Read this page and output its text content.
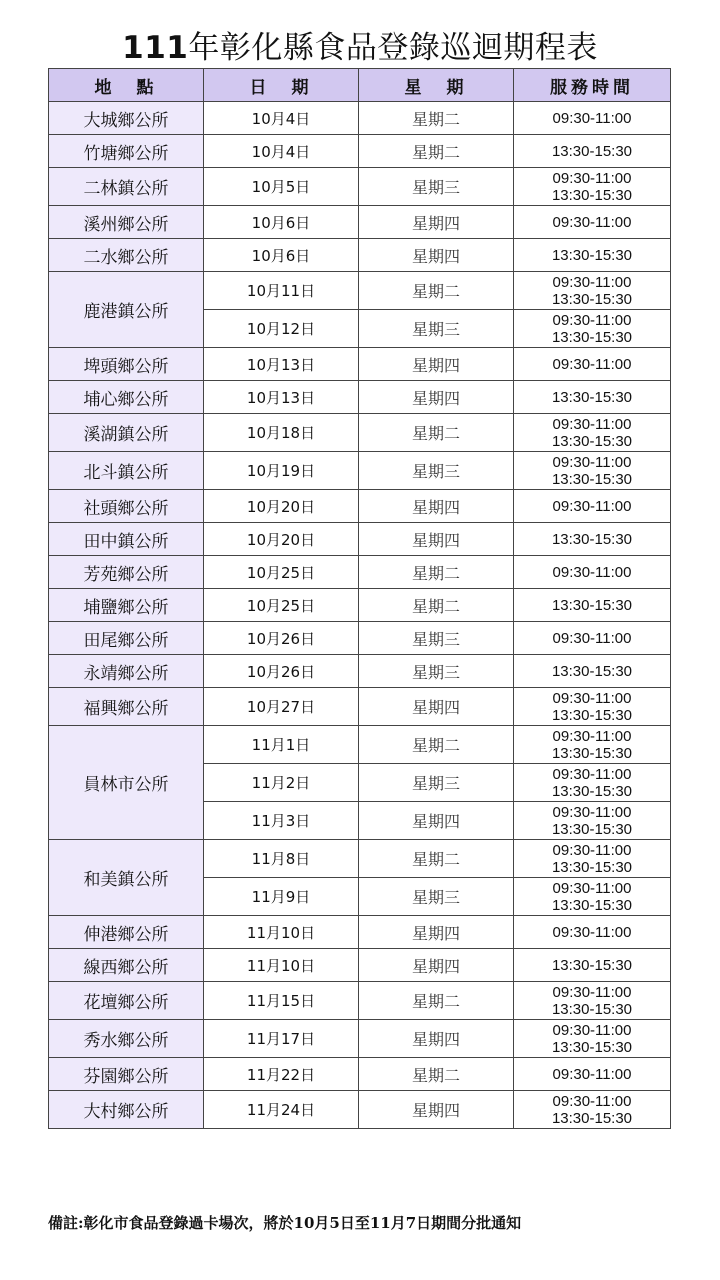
111年彰化縣食品登錄巡迴期程表
地　點	日　期	星　期	服務時間
大城鄉公所	10月4日	星期二	09:30-11:00

竹塘鄉公所	10月4日	星期二	13:30-15:30

二林鎮公所	10月5日	星期三	09:30-11:00
13:30-15:30

溪州鄉公所	10月6日	星期四	09:30-11:00

二水鄉公所	10月6日	星期四	13:30-15:30

鹿港鎮公所	10月11日	星期二	09:30-11:00
13:30-15:30

	10月12日	星期三	09:30-11:00
13:30-15:30

埤頭鄉公所	10月13日	星期四	09:30-11:00

埔心鄉公所	10月13日	星期四	13:30-15:30

溪湖鎮公所	10月18日	星期二	09:30-11:00
13:30-15:30

北斗鎮公所	10月19日	星期三	09:30-11:00
13:30-15:30

社頭鄉公所	10月20日	星期四	09:30-11:00

田中鎮公所	10月20日	星期四	13:30-15:30

芳苑鄉公所	10月25日	星期二	09:30-11:00

埔鹽鄉公所	10月25日	星期二	13:30-15:30

田尾鄉公所	10月26日	星期三	09:30-11:00

永靖鄉公所	10月26日	星期三	13:30-15:30

福興鄉公所	10月27日	星期四	09:30-11:00
13:30-15:30

員林市公所	11月1日	星期二	09:30-11:00
13:30-15:30

	11月2日	星期三	09:30-11:00
13:30-15:30

	11月3日	星期四	09:30-11:00
13:30-15:30

和美鎮公所	11月8日	星期二	09:30-11:00
13:30-15:30

	11月9日	星期三	09:30-11:00
13:30-15:30

伸港鄉公所	11月10日	星期四	09:30-11:00

線西鄉公所	11月10日	星期四	13:30-15:30

花壇鄉公所	11月15日	星期二	09:30-11:00
13:30-15:30

秀水鄉公所	11月17日	星期四	09:30-11:00
13:30-15:30

芬園鄉公所	11月22日	星期二	09:30-11:00

大村鄉公所	11月24日	星期四	09:30-11:00
13:30-15:30
備註:彰化市食品登錄過卡場次，將於10月5日至11月7日期間分批通知
